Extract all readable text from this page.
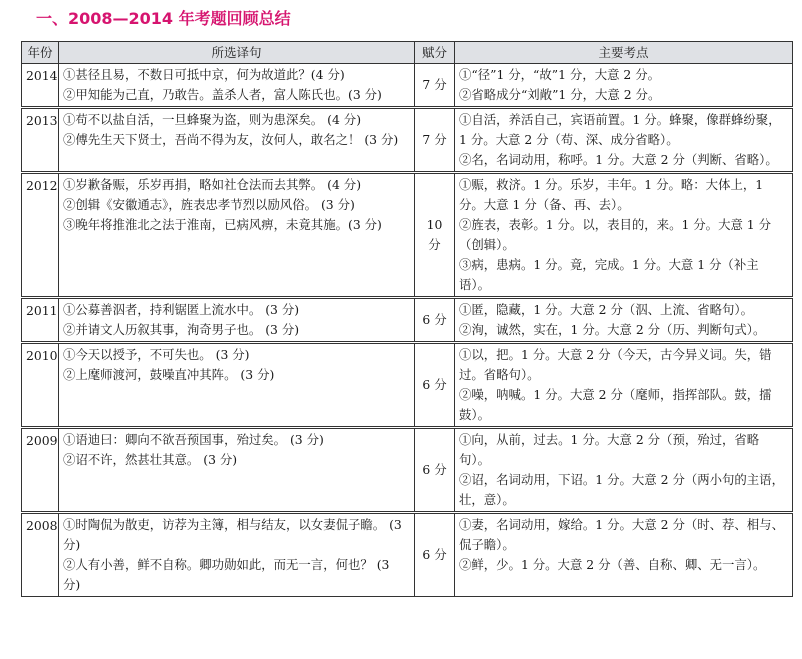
一、2008—2014 年考题回顾总结
年份	所选译句	赋分	主要考点
2014	①甚径且易，不数日可抵中京，何为故道此？(4 分)
②甲知能为己直，乃敢告。盖杀人者，富人陈氏也。(3 分)	7 分	①“径”1 分，“故”1 分，大意 2 分。
②省略成分“刘敞”1 分，大意 2 分。

2013	①苟不以盐自活，一旦蜂聚为盗，则为患深矣。 (4 分)
②傅先生天下贤士，吾尚不得为友，汝何人，敢名之！ (3 分)	7 分	①自活，养活自己，宾语前置。1 分。蜂聚，像群蜂纷聚，1 分。大意 2 分（苟、深、成分省略）。
②名，名词动用，称呼。1 分。大意 2 分（判断、省略）。

2012	①岁歉备赈，乐岁再捐，略如社仓法而去其弊。 (4 分)
②创辑《安徽通志》，旌表忠孝节烈以励风俗。 (3 分)
③晚年将推淮北之法于淮南，已病风痹，未竟其施。(3 分)	10 分	①赈，救济。1 分。乐岁，丰年。1 分。略：大体上，1 分。大意 1 分（备、再、去）。
②旌表，表彰。1 分。以，表目的，来。1 分。大意 1 分（创辑）。
③病，患病。1 分。竟，完成。1 分。大意 1 分（补主语）。

2011	①公募善泅者，持利锯匿上流水中。 (3 分)
②并请文人历叙其事，洵奇男子也。 (3 分)	6 分	①匿，隐藏，1 分。大意 2 分（泅、上流、省略句）。
②洵，诚然，实在，1 分。大意 2 分（历、判断句式）。

2010	①今天以授予，不可失也。 (3 分)
②上麾师渡河，鼓噪直冲其阵。 (3 分)	6 分	①以，把。1 分。大意 2 分（今天，古今异义词。失，错过。省略句）。
②噪，呐喊。1 分。大意 2 分（麾师，指挥部队。鼓，擂鼓）。

2009	①语迪曰：卿向不欲吾预国事，殆过矣。 (3 分)
②诏不许，然甚壮其意。 (3 分)	6 分	①向，从前，过去。1 分。大意 2 分（预，殆过，省略句）。
②诏，名词动用，下诏。1 分。大意 2 分（两小句的主语，壮，意）。

2008	①时陶侃为散吏，访荐为主簿，相与结友，以女妻侃子瞻。 (3 分)
②人有小善，鲜不自称。卿功勋如此，而无一言，何也？ (3 分)	6 分	①妻，名词动用，嫁给。1 分。大意 2 分（时、荐、相与、侃子瞻）。
②鲜，少。1 分。大意 2 分（善、自称、卿、无一言）。
